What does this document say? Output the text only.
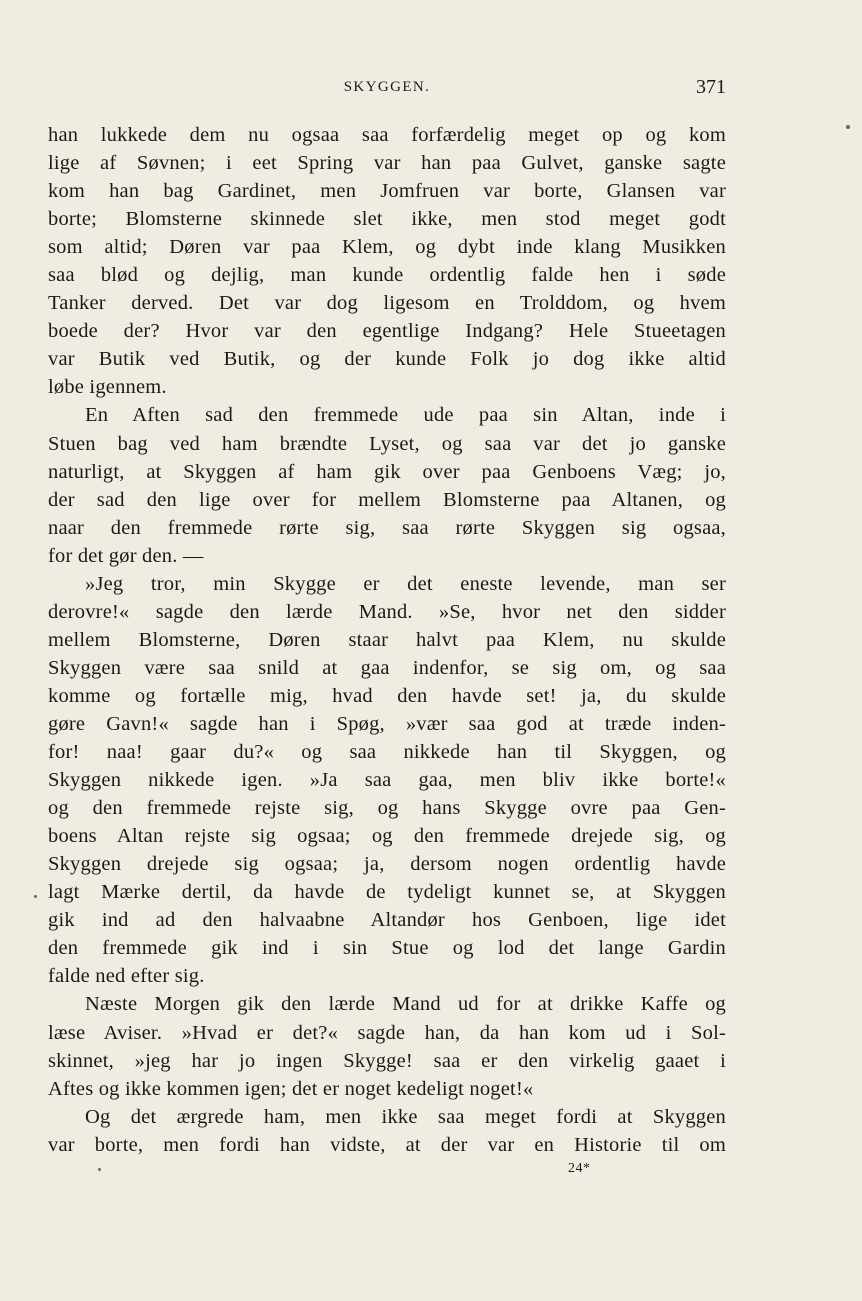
SKYGGEN.	371
han lukkede dem nu ogsaa saa forfærdelig meget op og kom
lige af Søvnen; i eet Spring var han paa Gulvet, ganske sagte
kom han bag Gardinet, men Jomfruen var borte, Glansen var
borte; Blomsterne skinnede slet ikke, men stod meget godt
som altid; Døren var paa Klem, og dybt inde klang Musikken
saa blød og dejlig, man kunde ordentlig falde hen i søde
Tanker derved. Det var dog ligesom en Trolddom, og hvem
boede der? Hvor var den egentlige Indgang? Hele Stueetagen
var Butik ved Butik, og der kunde Folk jo dog ikke altid
løbe igennem.
En Aften sad den fremmede ude paa sin Altan, inde i
Stuen bag ved ham brændte Lyset, og saa var det jo ganske
naturligt, at Skyggen af ham gik over paa Genboens Væg; jo,
der sad den lige over for mellem Blomsterne paa Altanen, og
naar den fremmede rørte sig, saa rørte Skyggen sig ogsaa,
for det gør den. —
»Jeg tror, min Skygge er det eneste levende, man ser
derovre!« sagde den lærde Mand. »Se, hvor net den sidder
mellem Blomsterne, Døren staar halvt paa Klem, nu skulde
Skyggen være saa snild at gaa indenfor, se sig om, og saa
komme og fortælle mig, hvad den havde set! ja, du skulde
gøre Gavn!« sagde han i Spøg, »vær saa god at træde inden-
for! naa! gaar du?« og saa nikkede han til Skyggen, og
Skyggen nikkede igen. »Ja saa gaa, men bliv ikke borte!«
og den fremmede rejste sig, og hans Skygge ovre paa Gen-
boens Altan rejste sig ogsaa; og den fremmede drejede sig, og
Skyggen drejede sig ogsaa; ja, dersom nogen ordentlig havde
lagt Mærke dertil, da havde de tydeligt kunnet se, at Skyggen
gik ind ad den halvaabne Altandør hos Genboen, lige idet
den fremmede gik ind i sin Stue og lod det lange Gardin
falde ned efter sig.
Næste Morgen gik den lærde Mand ud for at drikke Kaffe og
læse Aviser. »Hvad er det?« sagde han, da han kom ud i Sol-
skinnet, »jeg har jo ingen Skygge! saa er den virkelig gaaet i
Aftes og ikke kommen igen; det er noget kedeligt noget!«
Og det ærgrede ham, men ikke saa meget fordi at Skyggen
var borte, men fordi han vidste, at der var en Historie til om
24*
